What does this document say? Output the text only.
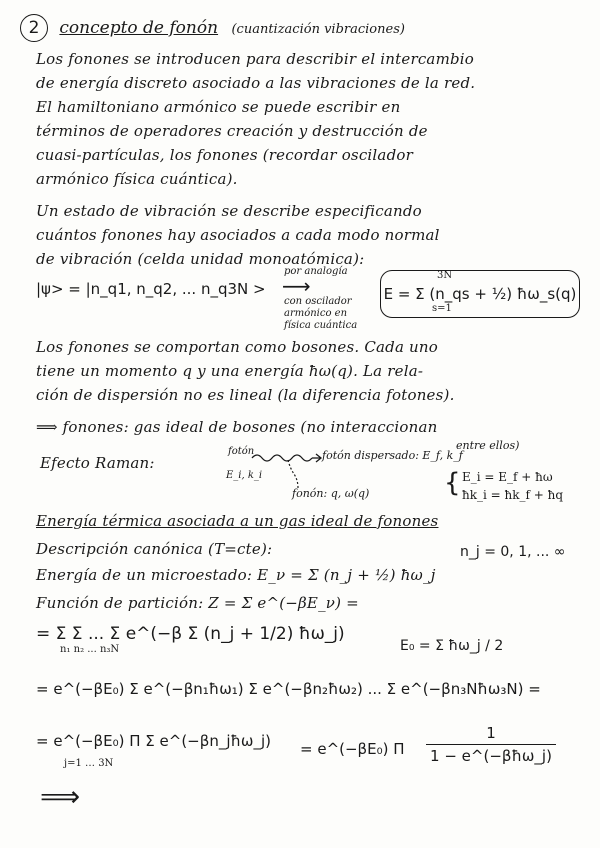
2 concepto de fonón (cuantización vibraciones)
Los fonones se introducen para describir el intercambio
de energía discreto asociado a las vibraciones de la red.
El hamiltoniano armónico se puede escribir en
términos de operadores creación y destrucción de
cuasi-partículas, los fonones (recordar oscilador
armónico física cuántica).
Un estado de vibración se describe especificando
cuántos fonones hay asociados a cada modo normal
de vibración (celda unidad monoatómica):
|ψ> = |n_q1, n_q2, ... n_q3N > ⟶
por analogía
con oscilador
armónico en
física cuántica
E = Σ (n_qs + ½) ħω_s(q)
3N
s=1
Los fonones se comportan como bosones. Cada uno
tiene un momento q y una energía ħω(q). La rela-
ción de dispersión no es lineal (la diferencia fotones).
⟹ fonones: gas ideal de bosones (no interaccionan
entre ellos)
Efecto Raman:
fotón
E_i, k_i
fotón dispersado: E_f, k_f
fonón: q, ω(q)	{ E_i = E_f + ħω
ħk_i = ħk_f + ħq
Energía térmica asociada a un gas ideal de fonones
Descripción canónica (T=cte):	n_j = 0, 1, ... ∞
Energía de un microestado: E_ν = Σ (n_j + ½) ħω_j
Función de partición: Z = Σ e^(−βE_ν) =
= Σ Σ ... Σ e^(−β Σ (n_j + 1/2) ħω_j)
n₁ n₂ ... n₃N	E₀ = Σ ħω_j / 2
= e^(−βE₀) Σ e^(−βn₁ħω₁) Σ e^(−βn₂ħω₂) ... Σ e^(−βn₃Nħω₃N) =
= e^(−βE₀) Π Σ e^(−βn_jħω_j) = e^(−βE₀) Π
1
1 − e^(−βħω_j)
j=1 … 3N
⟹
